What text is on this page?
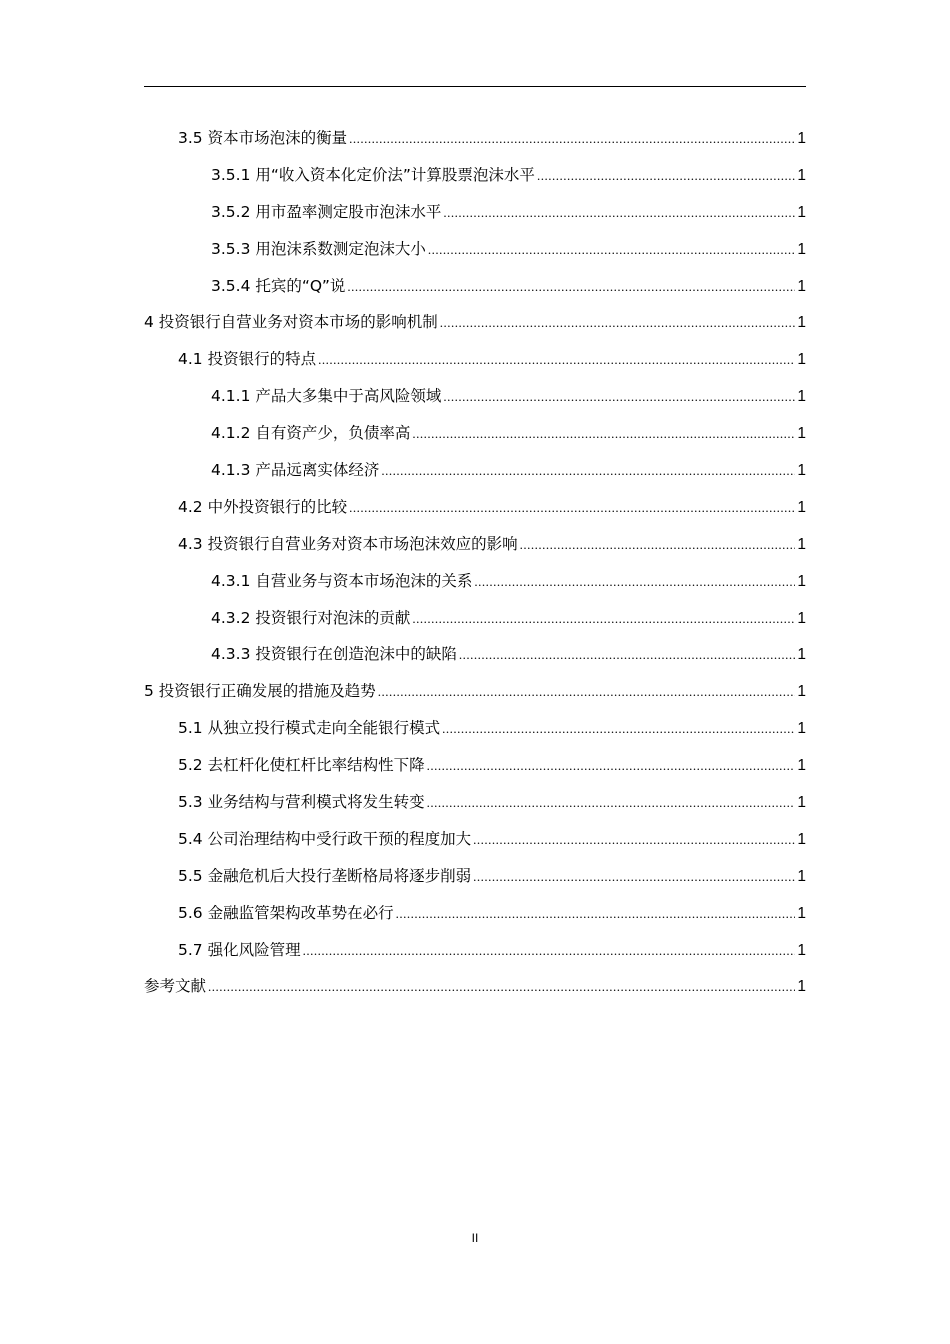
3.5 资本市场泡沫的衡量 .....	1
3.5.1 用“收入资本化定价法”计算股票泡沫水平 .....	1
3.5.2 用市盈率测定股市泡沫水平 .....	1
3.5.3 用泡沫系数测定泡沫大小 .....	1
3.5.4 托宾的“Q”说 .....	1
4 投资银行自营业务对资本市场的影响机制 .....	1
4.1 投资银行的特点 .....	1
4.1.1 产品大多集中于高风险领域 .....	1
4.1.2 自有资产少，负债率高 .....	1
4.1.3 产品远离实体经济 .....	1
4.2 中外投资银行的比较 .....	1
4.3 投资银行自营业务对资本市场泡沫效应的影响 .....	1
4.3.1 自营业务与资本市场泡沫的关系 .....	1
4.3.2 投资银行对泡沫的贡献 .....	1
4.3.3 投资银行在创造泡沫中的缺陷 .....	1
5 投资银行正确发展的措施及趋势 .....	1
5.1 从独立投行模式走向全能银行模式 .....	1
5.2 去杠杆化使杠杆比率结构性下降 .....	1
5.3 业务结构与营利模式将发生转变 .....	1
5.4 公司治理结构中受行政干预的程度加大 .....	1
5.5 金融危机后大投行垄断格局将逐步削弱 .....	1
5.6 金融监管架构改革势在必行 .....	1
5.7 强化风险管理 .....	1
参考文献 .....	1
II
